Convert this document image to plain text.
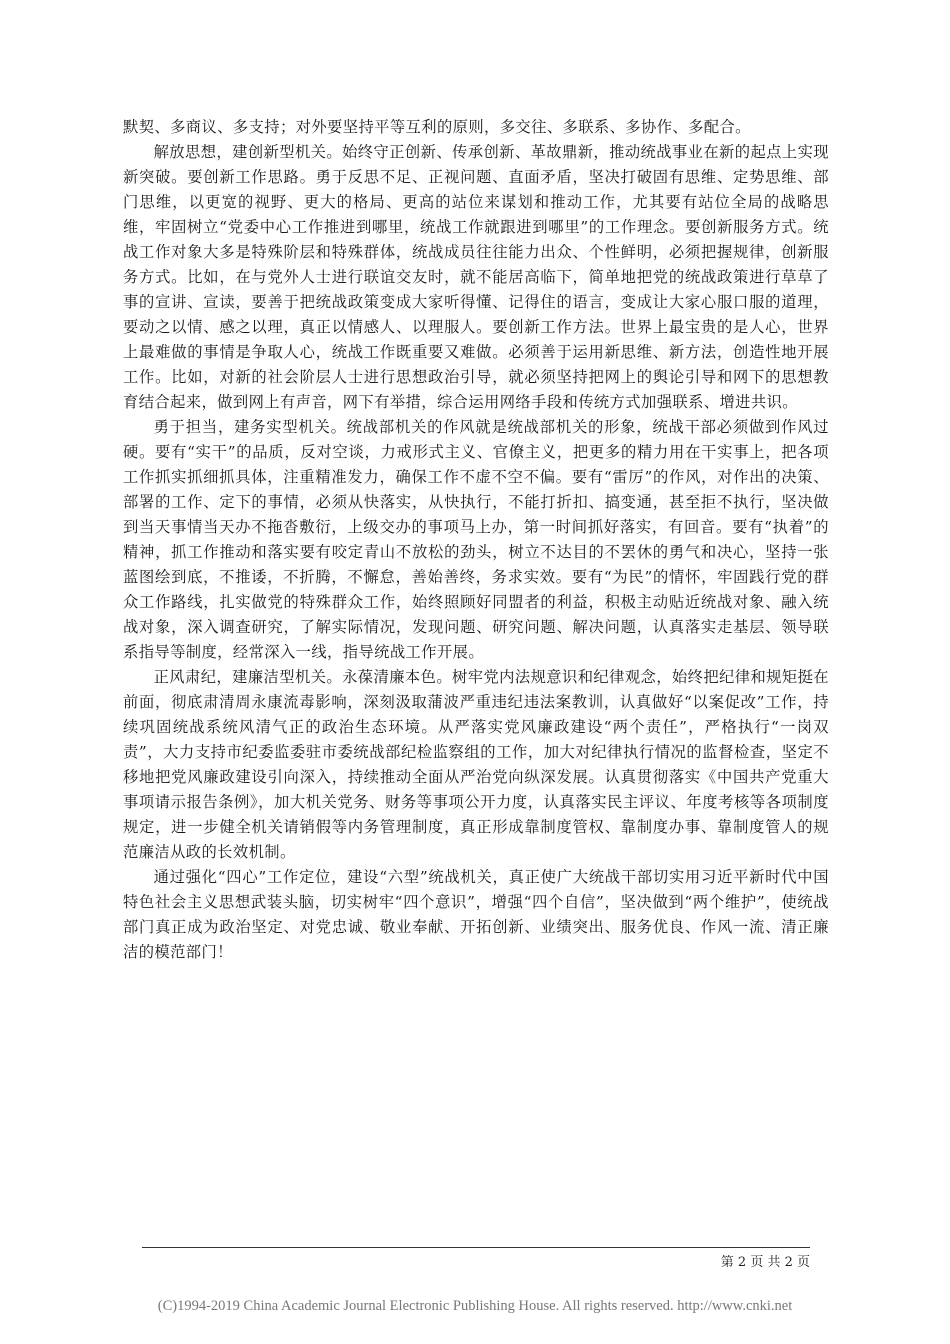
默契、多商议、多支持；对外要坚持平等互利的原则，多交往、多联系、多协作、多配合。

解放思想，建创新型机关。始终守正创新、传承创新、革故鼎新，推动统战事业在新的起点上实现新突破。要创新工作思路。勇于反思不足、正视问题、直面矛盾，坚决打破固有思维、定势思维、部门思维，以更宽的视野、更大的格局、更高的站位来谋划和推动工作，尤其要有站位全局的战略思维，牢固树立“党委中心工作推进到哪里，统战工作就跟进到哪里”的工作理念。要创新服务方式。统战工作对象大多是特殊阶层和特殊群体，统战成员往往能力出众、个性鲜明，必须把握规律，创新服务方式。比如，在与党外人士进行联谊交友时，就不能居高临下，简单地把党的统战政策进行草草了事的宣讲、宣读，要善于把统战政策变成大家听得懂、记得住的语言，变成让大家心服口服的道理，要动之以情、感之以理，真正以情感人、以理服人。要创新工作方法。世界上最宝贵的是人心，世界上最难做的事情是争取人心，统战工作既重要又难做。必须善于运用新思维、新方法，创造性地开展工作。比如，对新的社会阶层人士进行思想政治引导，就必须坚持把网上的舆论引导和网下的思想教育结合起来，做到网上有声音，网下有举措，综合运用网络手段和传统方式加强联系、增进共识。

勇于担当，建务实型机关。统战部机关的作风就是统战部机关的形象，统战干部必须做到作风过硬。要有“实干”的品质，反对空谈，力戒形式主义、官僚主义，把更多的精力用在干实事上，把各项工作抓实抓细抓具体，注重精准发力，确保工作不虚不空不偏。要有“雷厉”的作风，对作出的决策、部署的工作、定下的事情，必须从快落实，从快执行，不能打折扣、搞变通，甚至拒不执行，坚决做到当天事情当天办不拖沓敷衍，上级交办的事项马上办，第一时间抓好落实，有回音。要有“执着”的精神，抓工作推动和落实要有咬定青山不放松的劲头，树立不达目的不罢休的勇气和决心，坚持一张蓝图绘到底，不推诿，不折腾，不懈怠，善始善终，务求实效。要有“为民”的情怀，牢固践行党的群众工作路线，扎实做党的特殊群众工作，始终照顾好同盟者的利益，积极主动贴近统战对象、融入统战对象，深入调查研究，了解实际情况，发现问题、研究问题、解决问题，认真落实走基层、领导联系指导等制度，经常深入一线，指导统战工作开展。

正风肃纪，建廉洁型机关。永葆清廉本色。树牢党内法规意识和纪律观念，始终把纪律和规矩挺在前面，彻底肃清周永康流毒影响，深刻汲取蒲波严重违纪违法案教训，认真做好“以案促改”工作，持续巩固统战系统风清气正的政治生态环境。从严落实党风廉政建设“两个责任”，严格执行“一岗双责”，大力支持市纪委监委驻市委统战部纪检监察组的工作，加大对纪律执行情况的监督检查，坚定不移地把党风廉政建设引向深入，持续推动全面从严治党向纵深发展。认真贯彻落实《中国共产党重大事项请示报告条例》，加大机关党务、财务等事项公开力度，认真落实民主评议、年度考核等各项制度规定，进一步健全机关请销假等内务管理制度，真正形成靠制度管权、靠制度办事、靠制度管人的规范廉洁从政的长效机制。

通过强化“四心”工作定位，建设“六型”统战机关，真正使广大统战干部切实用习近平新时代中国特色社会主义思想武装头脑，切实树牢“四个意识”，增强“四个自信”，坚决做到“两个维护”，使统战部门真正成为政治坚定、对党忠诚、敬业奉献、开拓创新、业绩突出、服务优良、作风一流、清正廉洁的模范部门！

第 2 页 共 2 页
(C)1994-2019 China Academic Journal Electronic Publishing House. All rights reserved. http://www.cnki.net
